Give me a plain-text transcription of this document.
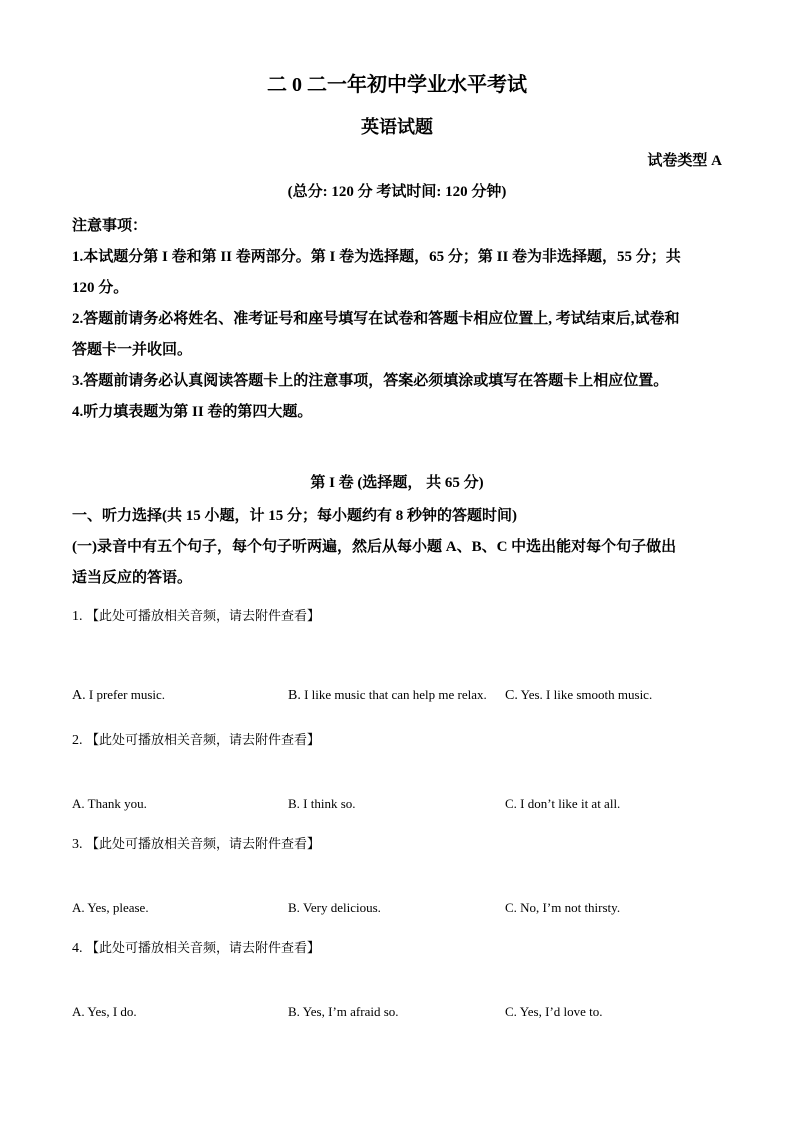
二 0 二一年初中学业水平考试
英语试题
试卷类型 A
(总分: 120 分 考试时间: 120 分钟)
注意事项：
1.本试题分第 I 卷和第 II 卷两部分。第 I 卷为选择题，65 分；第 II 卷为非选择题，55 分；共
120 分。
2.答题前请务必将姓名、准考证号和座号填写在试卷和答题卡相应位置上, 考试结束后,试卷和
答题卡一并收回。
3.答题前请务必认真阅读答题卡上的注意事项，答案必须填涂或填写在答题卡上相应位置。
4.听力填表题为第 II 卷的第四大题。
第 I 卷 (选择题， 共 65 分)
一、听力选择(共 15 小题，计 15 分；每小题约有 8 秒钟的答题时间)
(一)录音中有五个句子，每个句子听两遍，然后从每小题 A、B、C 中选出能对每个句子做出
适当反应的答语。
1. 【此处可播放相关音频，请去附件查看】
A. I prefer music.	B. I like music that can help me relax. C. Yes. I like smooth music.
2. 【此处可播放相关音频，请去附件查看】
A. Thank you.	B. I think so.	C. I don’t like it at all.
3. 【此处可播放相关音频，请去附件查看】
A. Yes, please.	B. Very delicious.	C. No, I’m not thirsty.
4. 【此处可播放相关音频，请去附件查看】
A. Yes, I do.	B. Yes, I’m afraid so.	C. Yes, I’d love to.
